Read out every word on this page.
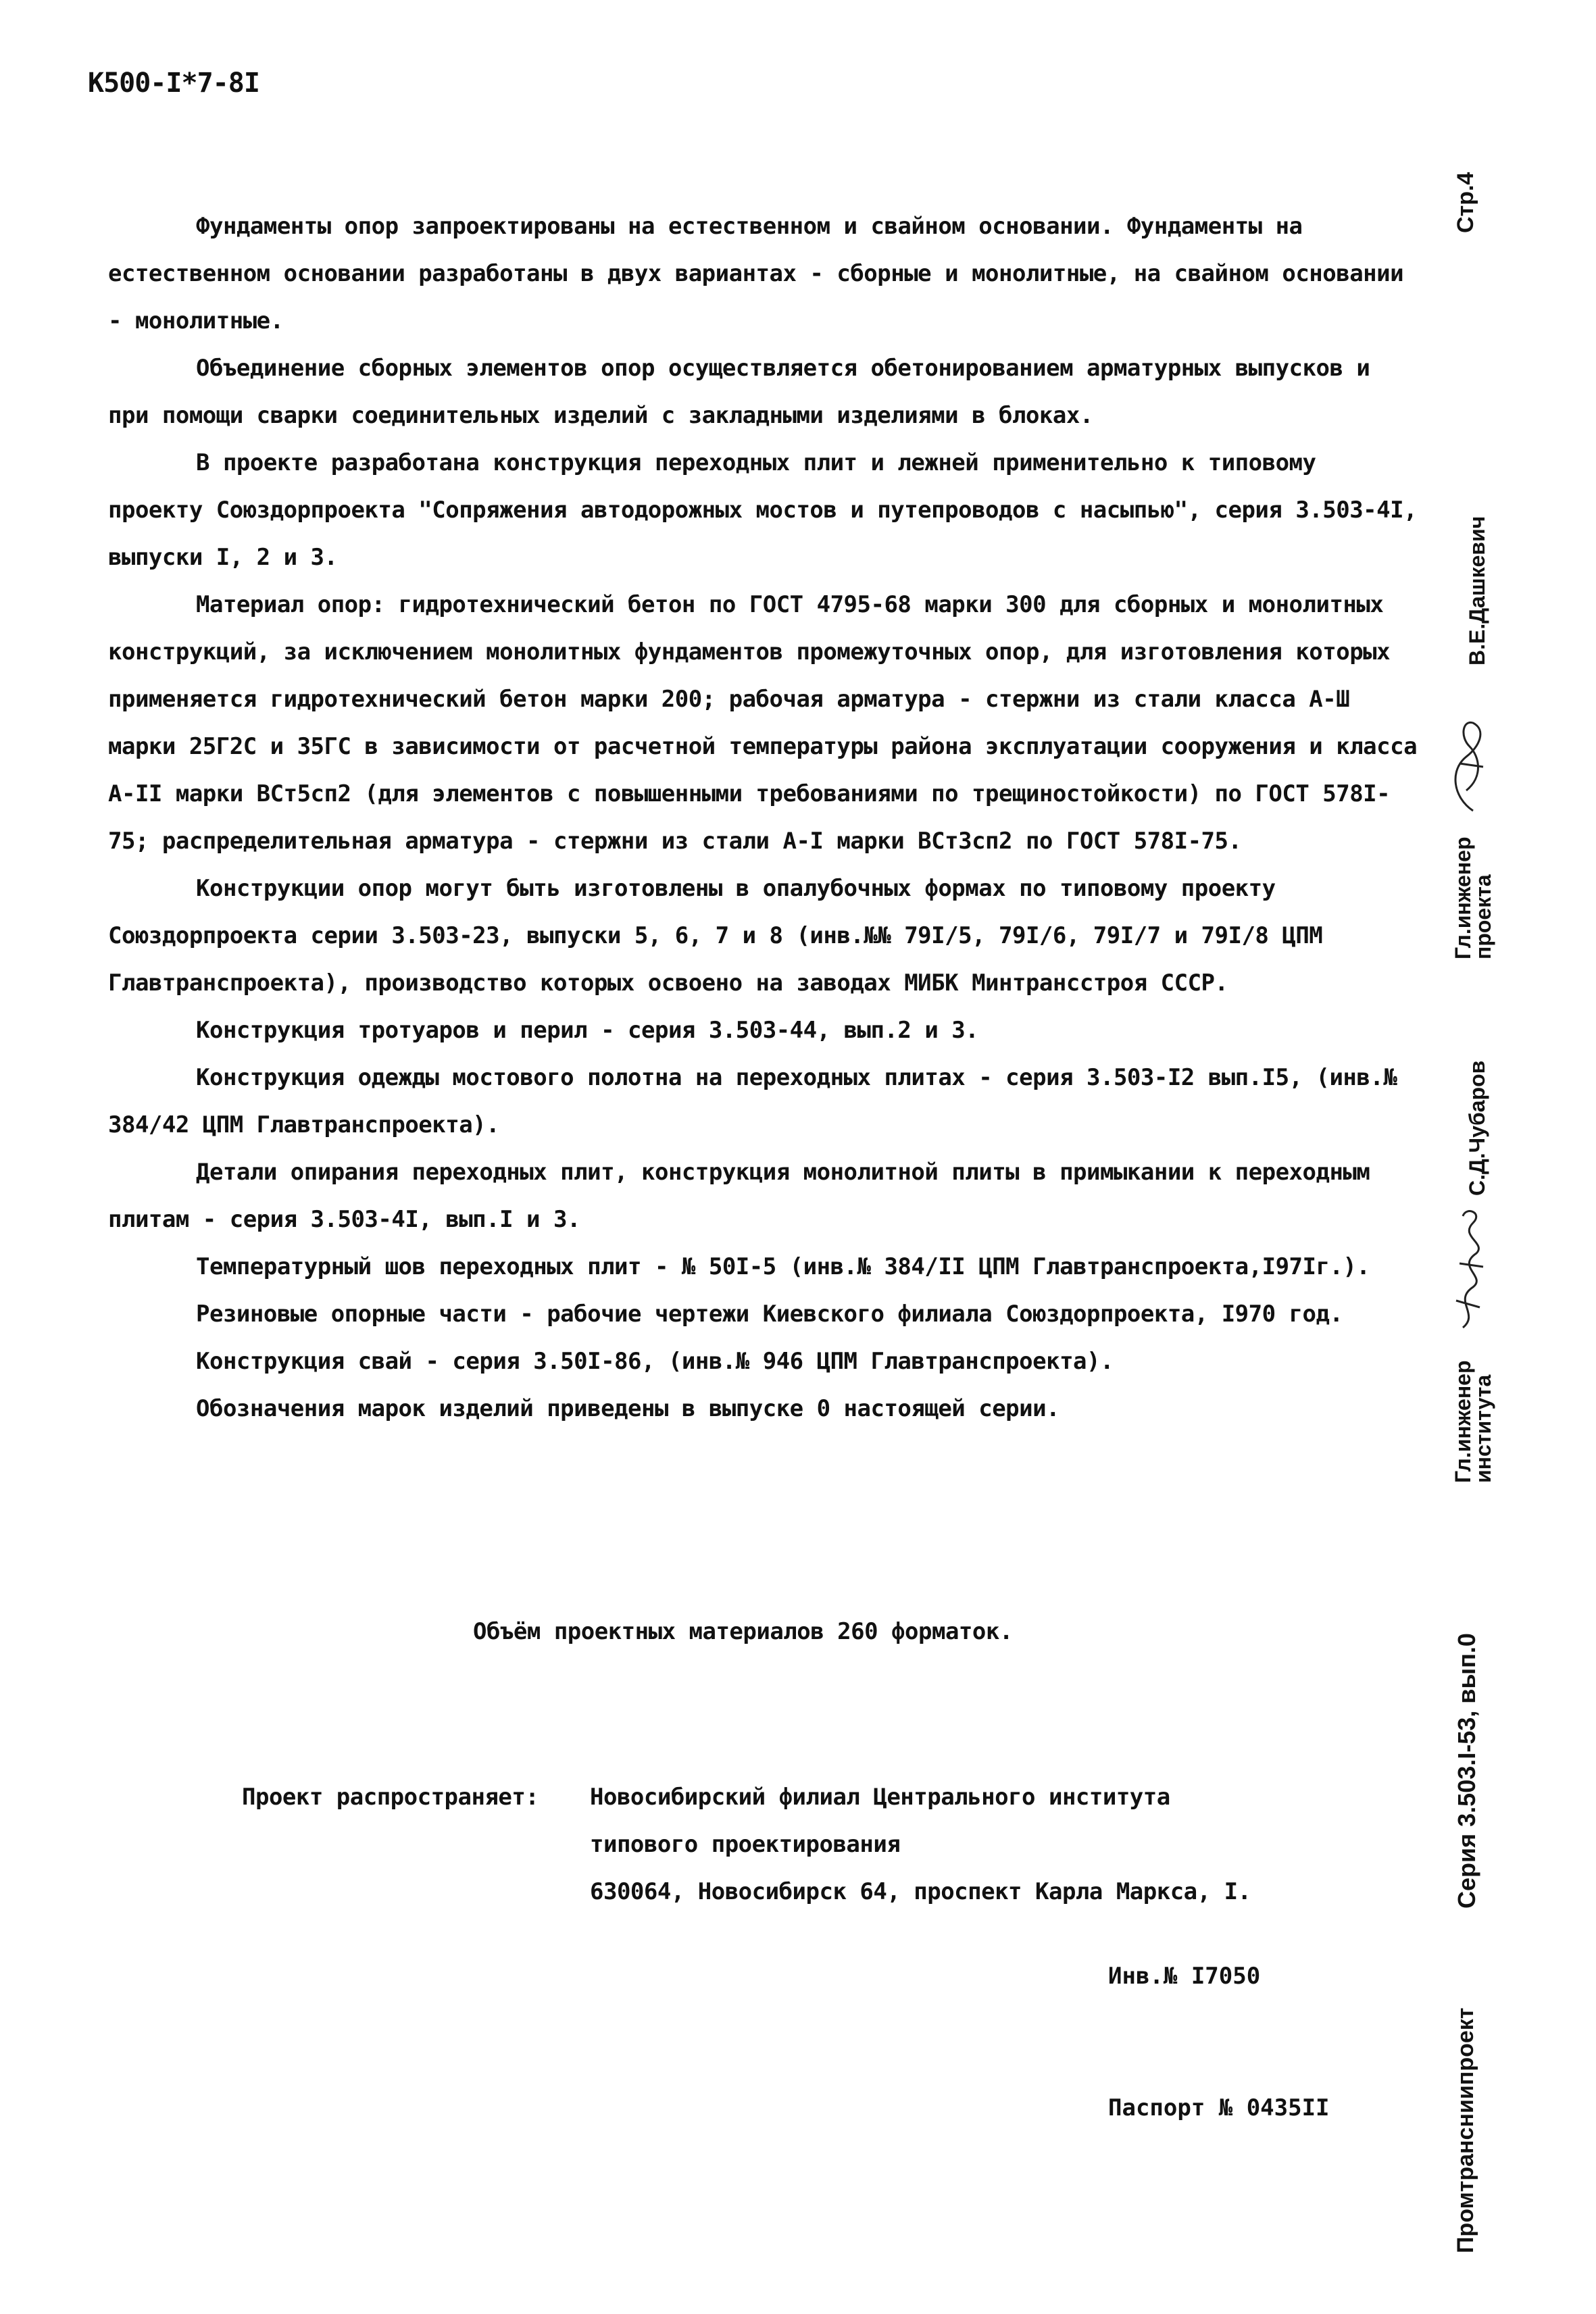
К500-I*7-8I

Фундаменты опор запроектированы на естественном и свайном основании. Фундаменты на естественном основании разработаны в двух вариантах - сборные и монолитные, на свайном основании - монолитные.

Объединение сборных элементов опор осуществляется обетонированием арматурных выпусков и при помощи сварки соединительных изделий с закладными изделиями в блоках.

В проекте разработана конструкция переходных плит и лежней применительно к типовому проекту Союздорпроекта "Сопряжения автодорожных мостов и путепроводов с насыпью", серия 3.503-4I, выпуски I, 2 и 3.

Материал опор: гидротехнический бетон по ГОСТ 4795-68 марки 300 для сборных и монолитных конструкций, за исключением монолитных фундаментов промежуточных опор, для изготовления которых применяется гидротехнический бетон марки 200; рабочая арматура - стержни из стали класса А-Ш марки 25Г2С и 35ГС в зависимости от расчетной температуры района эксплуатации сооружения и класса А-II марки ВСт5сп2 (для элементов с повышенными требованиями по трещиностойкости) по ГОСТ 578I-75; распределительная арматура - стержни из стали А-I марки ВСт3сп2 по ГОСТ 578I-75.

Конструкции опор могут быть изготовлены в опалубочных формах по типовому проекту Союздорпроекта серии 3.503-23, выпуски 5, 6, 7 и 8 (инв.№№ 79I/5, 79I/6, 79I/7 и 79I/8 ЦПМ Главтранспроекта), производство которых освоено на заводах МИБК Минтрансстроя СССР.

Конструкция тротуаров и перил - серия 3.503-44, вып.2 и 3.

Конструкция одежды мостового полотна на переходных плитах - серия 3.503-I2 вып.I5, (инв.№ 384/42 ЦПМ Главтранспроекта).

Детали опирания переходных плит, конструкция монолитной плиты в примыкании к переходным плитам - серия 3.503-4I, вып.I и 3.

Температурный шов переходных плит - № 50I-5 (инв.№ 384/II ЦПМ Главтранспроекта,I97Iг.).

Резиновые опорные части - рабочие чертежи Киевского филиала Союздорпроекта, I970 год.

Конструкция свай - серия 3.50I-86, (инв.№ 946 ЦПМ Главтранспроекта).

Обозначения марок изделий приведены в выпуске 0 настоящей серии.

Объём проектных материалов 260 форматок.
Проект распространяет: Новосибирский филиал Центрального института
типового проектирования
630064, Новосибирск 64, проспект Карла Маркса, I.
Инв.№ I7050
Паспорт № 0435II
Стр.4
В.Е.Дашкевич
Гл.инженер
проекта
С.Д.Чубаров
Гл.инженер
института
Серия 3.503.I-53, вып.0
Промтрансниипроект
